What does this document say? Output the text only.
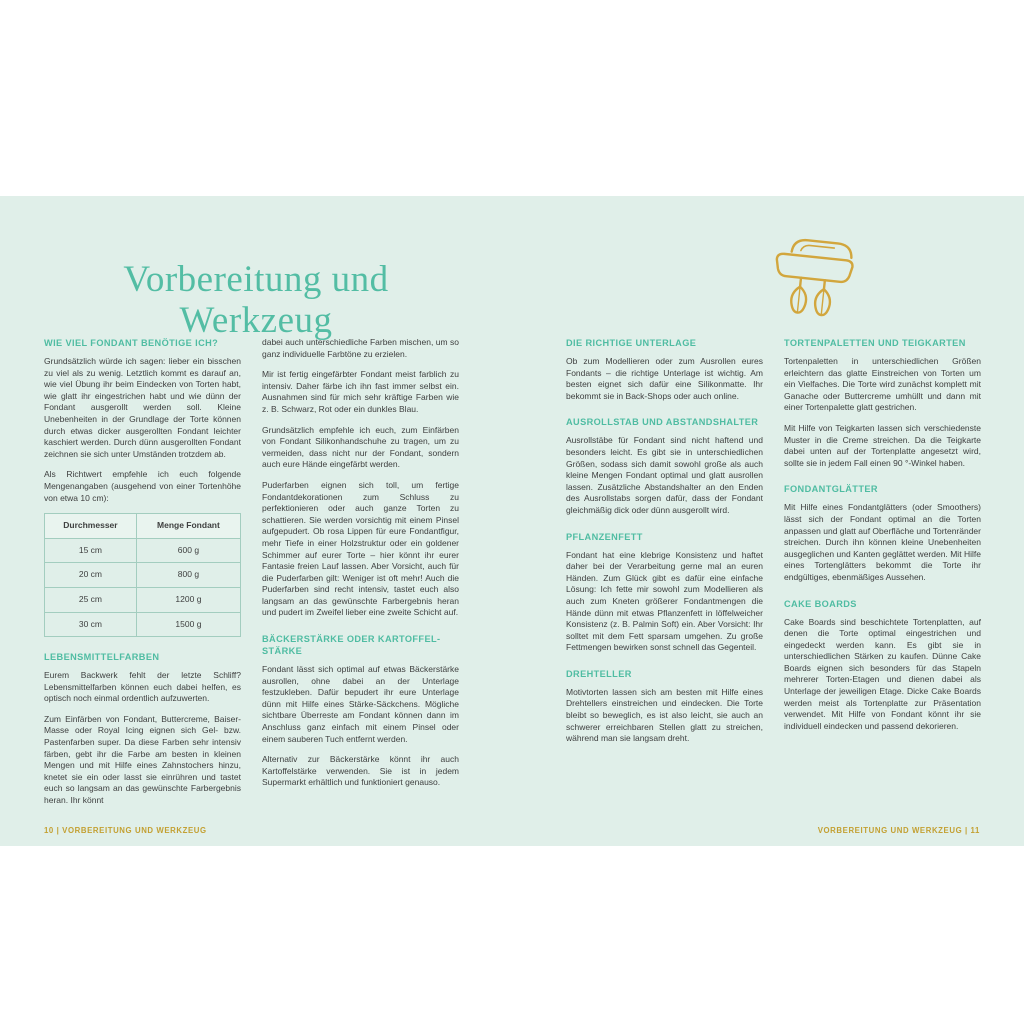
Vorbereitung und
Werkzeug
WIE VIEL FONDANT BENÖTIGE ICH?

Grundsätzlich würde ich sagen: lieber ein bisschen zu viel als zu wenig. Letztlich kommt es darauf an, wie viel Übung ihr beim Eindecken von Torten habt, wie glatt ihr eingestrichen habt und wie dünn der Fondant ausgerollt werden soll. Kleine Unebenheiten in der Grundlage der Torte können durch etwas dicker ausgerollten Fondant leichter kaschiert werden. Durch dünn ausgerollten Fondant zeichnen sie sich unter Umständen trotzdem ab.

Als Richtwert empfehle ich euch folgende Mengenangaben (ausgehend von einer Tortenhöhe von etwa 10 cm):

Durchmesser	Menge Fondant
15 cm	600 g
20 cm	800 g
25 cm	1200 g
30 cm	1500 g
LEBENSMITTELFARBEN

Eurem Backwerk fehlt der letzte Schliff? Lebensmittelfarben können euch dabei helfen, es optisch noch einmal ordentlich aufzuwerten.

Zum Einfärben von Fondant, Buttercreme, Baiser-Masse oder Royal Icing eignen sich Gel- bzw. Pastenfarben super. Da diese Farben sehr intensiv färben, gebt ihr die Farbe am besten in kleinen Mengen und mit Hilfe eines Zahnstochers hinzu, knetet sie ein oder lasst sie einrühren und tastet euch so langsam an das gewünschte Farbergebnis heran. Ihr könnt

dabei auch unterschiedliche Farben mischen, um so ganz individuelle Farbtöne zu erzielen.

Mir ist fertig eingefärbter Fondant meist farblich zu intensiv. Daher färbe ich ihn fast immer selbst ein. Ausnahmen sind für mich sehr kräftige Farben wie z. B. Schwarz, Rot oder ein dunkles Blau.

Grundsätzlich empfehle ich euch, zum Einfärben von Fondant Silikonhandschuhe zu tragen, um zu vermeiden, dass nicht nur der Fondant, sondern auch eure Hände eingefärbt werden.

Puderfarben eignen sich toll, um fertige Fondantdekorationen zum Schluss zu perfektionieren oder auch ganze Torten zu schattieren. Sie werden vorsichtig mit einem Pinsel aufgepudert. Ob rosa Lippen für eure Fondantfigur, mehr Tiefe in einer Holzstruktur oder ein goldener Schimmer auf eurer Torte – hier könnt ihr eurer Fantasie freien Lauf lassen. Aber Vorsicht, auch für die Puderfarben gilt: Weniger ist oft mehr! Auch die Puderfarben sind recht intensiv, tastet euch also langsam an das gewünschte Farbergebnis heran und pudert im Zweifel lieber eine zweite Schicht auf.

BÄCKERSTÄRKE ODER KARTOFFEL-STÄRKE

Fondant lässt sich optimal auf etwas Bäckerstärke ausrollen, ohne dabei an der Unterlage festzukleben. Dafür bepudert ihr eure Unterlage dünn mit Hilfe eines Stärke-Säckchens. Mögliche sichtbare Überreste am Fondant können dann im Anschluss ganz einfach mit einem Pinsel oder einem sauberen Tuch entfernt werden.

Alternativ zur Bäckerstärke könnt ihr auch Kartoffelstärke verwenden. Sie ist in jedem Supermarkt erhältlich und funktioniert genauso.

DIE RICHTIGE UNTERLAGE

Ob zum Modellieren oder zum Ausrollen eures Fondants – die richtige Unterlage ist wichtig. Am besten eignet sich dafür eine Silikonmatte. Ihr bekommt sie in Back-Shops oder auch online.

AUSROLLSTAB UND ABSTANDSHALTER

Ausrollstäbe für Fondant sind nicht haftend und besonders leicht. Es gibt sie in unterschiedlichen Größen, sodass sich damit sowohl große als auch kleine Mengen Fondant optimal und glatt ausrollen lassen. Zusätzliche Abstandshalter an den Enden des Ausrollstabs sorgen dafür, dass der Fondant gleichmäßig dick oder dünn ausgerollt wird.

PFLANZENFETT

Fondant hat eine klebrige Konsistenz und haftet daher bei der Verarbeitung gerne mal an euren Händen. Zum Glück gibt es dafür eine einfache Lösung: Ich fette mir sowohl zum Modellieren als auch zum Kneten größerer Fondantmengen die Hände dünn mit etwas Pflanzenfett in löffelweicher Konsistenz (z. B. Palmin Soft) ein. Aber Vorsicht: Ihr solltet mit dem Fett sparsam umgehen. Zu große Fettmengen bewirken sonst schnell das Gegenteil.

DREHTELLER

Motivtorten lassen sich am besten mit Hilfe eines Drehtellers einstreichen und eindecken. Die Torte bleibt so beweglich, es ist also leicht, sie auch an schwerer erreichbaren Stellen glatt zu streichen, während man sie langsam dreht.

TORTENPALETTEN UND TEIGKARTEN

Tortenpaletten in unterschiedlichen Größen erleichtern das glatte Einstreichen von Torten um ein Vielfaches. Die Torte wird zunächst komplett mit Ganache oder Buttercreme umhüllt und dann mit einer Tortenpalette glatt gestrichen.

Mit Hilfe von Teigkarten lassen sich verschiedenste Muster in die Creme streichen. Da die Teigkarte dabei unten auf der Tortenplatte angesetzt wird, sollte sie in jedem Fall einen 90 °-Winkel haben.

FONDANTGLÄTTER

Mit Hilfe eines Fondantglätters (oder Smoothers) lässt sich der Fondant optimal an die Torten anpassen und glatt auf Oberfläche und Tortenränder streichen. Durch ihn können kleine Unebenheiten ausgeglichen und Kanten geglättet werden. Mit Hilfe eines Tortenglätters bekommt die Torte ihr endgültiges, ebenmäßiges Aussehen.

CAKE BOARDS

Cake Boards sind beschichtete Tortenplatten, auf denen die Torte optimal eingestrichen und eingedeckt werden kann. Es gibt sie in unterschiedlichen Stärken zu kaufen. Dünne Cake Boards eignen sich besonders für das Stapeln mehrerer Torten-Etagen und dienen dabei als Unterlage der jeweiligen Etage. Dicke Cake Boards werden meist als Tortenplatte zur Präsentation verwendet. Mit Hilfe von Fondant könnt ihr sie individuell eindecken und passend dekorieren.

10 | VORBEREITUNG UND WERKZEUG	VORBEREITUNG UND WERKZEUG | 11
